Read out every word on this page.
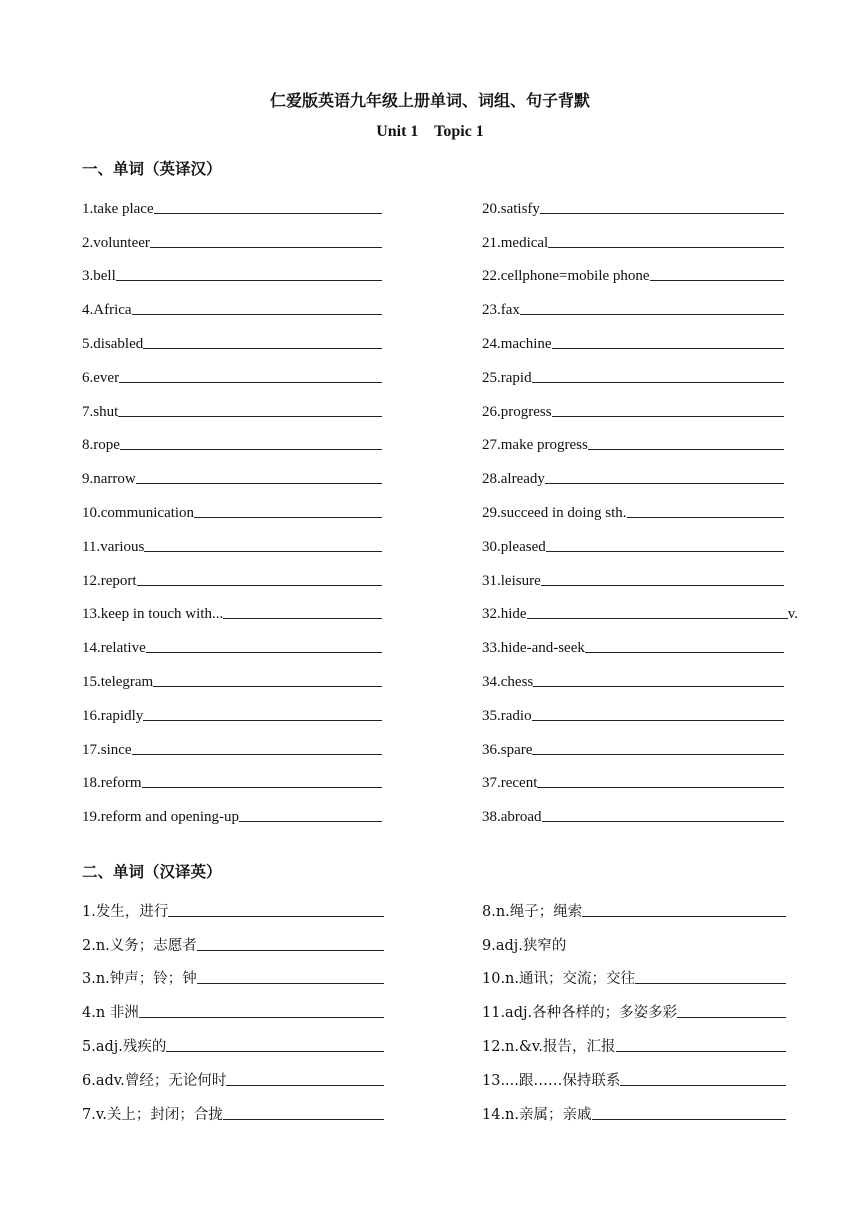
仁爱版英语九年级上册单词、词组、句子背默
Unit 1    Topic 1
一、单词（英译汉）
1.take place
2.volunteer
3.bell
4.Africa
5.disabled
6.ever
7.shut
8.rope
9.narrow
10.communication
11.various
12.report
13.keep in touch with...
14.relative
15.telegram
16.rapidly
17.since
18.reform
19.reform and opening-up
20.satisfy
21.medical
22.cellphone=mobile phone
23.fax
24.machine
25.rapid
26.progress
27.make progress
28.already
29.succeed in doing sth.
30.pleased
31.leisure
32.hide	v.
33.hide-and-seek
34.chess
35.radio
36.spare
37.recent
38.abroad
二、单词（汉译英）
1.发生，进行
2.n.义务；志愿者
3.n.钟声；铃；钟
4.n 非洲
5.adj.残疾的
6.adv.曾经；无论何时
7.v.关上；封闭；合拢
8.n.绳子；绳索
9.adj.狭窄的
10.n.通讯；交流；交往
11.adj.各种各样的；多姿多彩
12.n.&v.报告，汇报
13....跟……保持联系
14.n.亲属；亲戚
